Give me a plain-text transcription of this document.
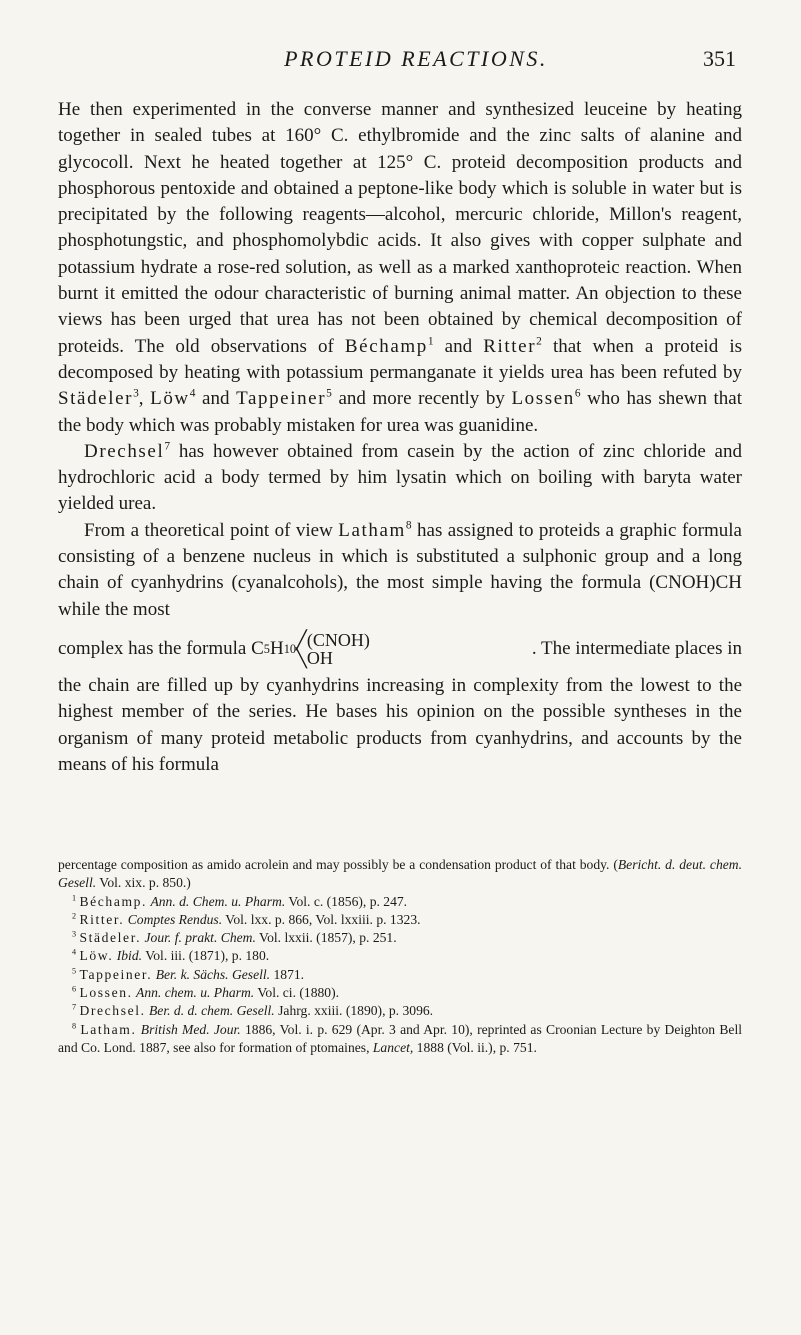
PROTEID REACTIONS.	351

He then experimented in the converse manner and synthesized leuceine by heating together in sealed tubes at 160° C. ethylbromide and the zinc salts of alanine and glycocoll. Next he heated together at 125° C. proteid decomposition products and phosphorous pentoxide and obtained a peptone-like body which is soluble in water but is precipitated by the following reagents—alcohol, mercuric chloride, Millon's reagent, phosphotungstic, and phosphomolybdic acids. It also gives with copper sulphate and potassium hydrate a rose-red solution, as well as a marked xanthoproteic reaction. When burnt it emitted the odour characteristic of burning animal matter. An objection to these views has been urged that urea has not been obtained by chemical decomposition of proteids. The old observations of Béchamp$^1$ and Ritter$^2$ that when a proteid is decomposed by heating with potassium permanganate it yields urea has been refuted by Städeler$^3$, Löw$^4$ and Tappeiner$^5$ and more recently by Lossen$^6$ who has shewn that the body which was probably mistaken for urea was guanidine.

Drechsel$^7$ has however obtained from casein by the action of zinc chloride and hydrochloric acid a body termed by him lysatin which on boiling with baryta water yielded urea.

From a theoretical point of view Latham$^8$ has assigned to proteids a graphic formula consisting of a benzene nucleus in which is substituted a sulphonic group and a long chain of cyanhydrins (cyanalcohols), the most simple having the formula (CNOH)CH while the most

complex has the formula C 5 H 10 ╱
╲
(CNOH)
OH	. The intermediate places in

the chain are filled up by cyanhydrins increasing in complexity from the lowest to the highest member of the series. He bases his opinion on the possible syntheses in the organism of many proteid metabolic products from cyanhydrins, and accounts by the means of his formula

percentage composition as amido acrolein and may possibly be a condensation product of that body. (Bericht. d. deut. chem. Gesell. Vol. xix. p. 850.)

$^1$ Béchamp. Ann. d. Chem. u. Pharm. Vol. c. (1856), p. 247.

$^2$ Ritter. Comptes Rendus. Vol. lxx. p. 866, Vol. lxxiii. p. 1323.

$^3$ Städeler. Jour. f. prakt. Chem. Vol. lxxii. (1857), p. 251.

$^4$ Löw. Ibid. Vol. iii. (1871), p. 180.

$^5$ Tappeiner. Ber. k. Sächs. Gesell. 1871.

$^6$ Lossen. Ann. chem. u. Pharm. Vol. ci. (1880).

$^7$ Drechsel. Ber. d. d. chem. Gesell. Jahrg. xxiii. (1890), p. 3096.

$^8$ Latham. British Med. Jour. 1886, Vol. i. p. 629 (Apr. 3 and Apr. 10), reprinted as Croonian Lecture by Deighton Bell and Co. Lond. 1887, see also for formation of ptomaines, Lancet, 1888 (Vol. ii.), p. 751.
